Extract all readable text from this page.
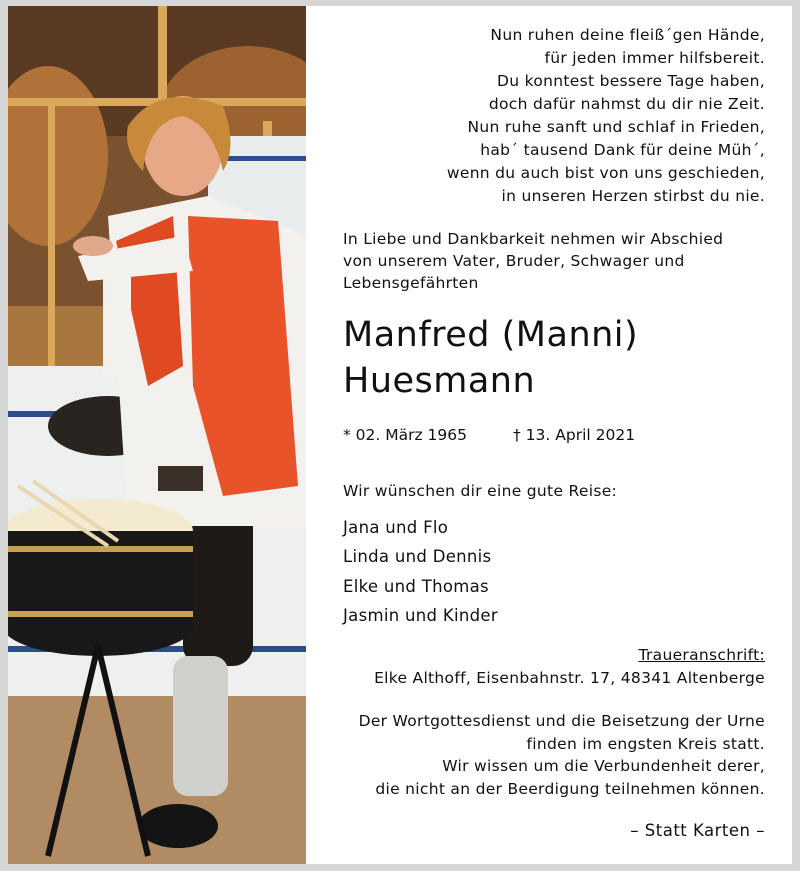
Nun ruhen deine fleiß´gen Hände,
für jeden immer hilfsbereit.
Du konntest bessere Tage haben,
doch dafür nahmst du dir nie Zeit.
Nun ruhe sanft und schlaf in Frieden,
hab´ tausend Dank für deine Müh´,
wenn du auch bist von uns geschieden,
in unseren Herzen stirbst du nie.
In Liebe und Dankbarkeit nehmen wir Abschied
von unserem Vater, Bruder, Schwager und
Lebensgefährten
Manfred (Manni)
Huesmann
* 02. März 1965	† 13. April 2021
Wir wünschen dir eine gute Reise:
Jana und Flo
Linda und Dennis
Elke und Thomas
Jasmin und Kinder
Traueranschrift:
Elke Althoff, Eisenbahnstr. 17, 48341 Altenberge
Der Wortgottesdienst und die Beisetzung der Urne
finden im engsten Kreis statt.
Wir wissen um die Verbundenheit derer,
die nicht an der Beerdigung teilnehmen können.
– Statt Karten –
